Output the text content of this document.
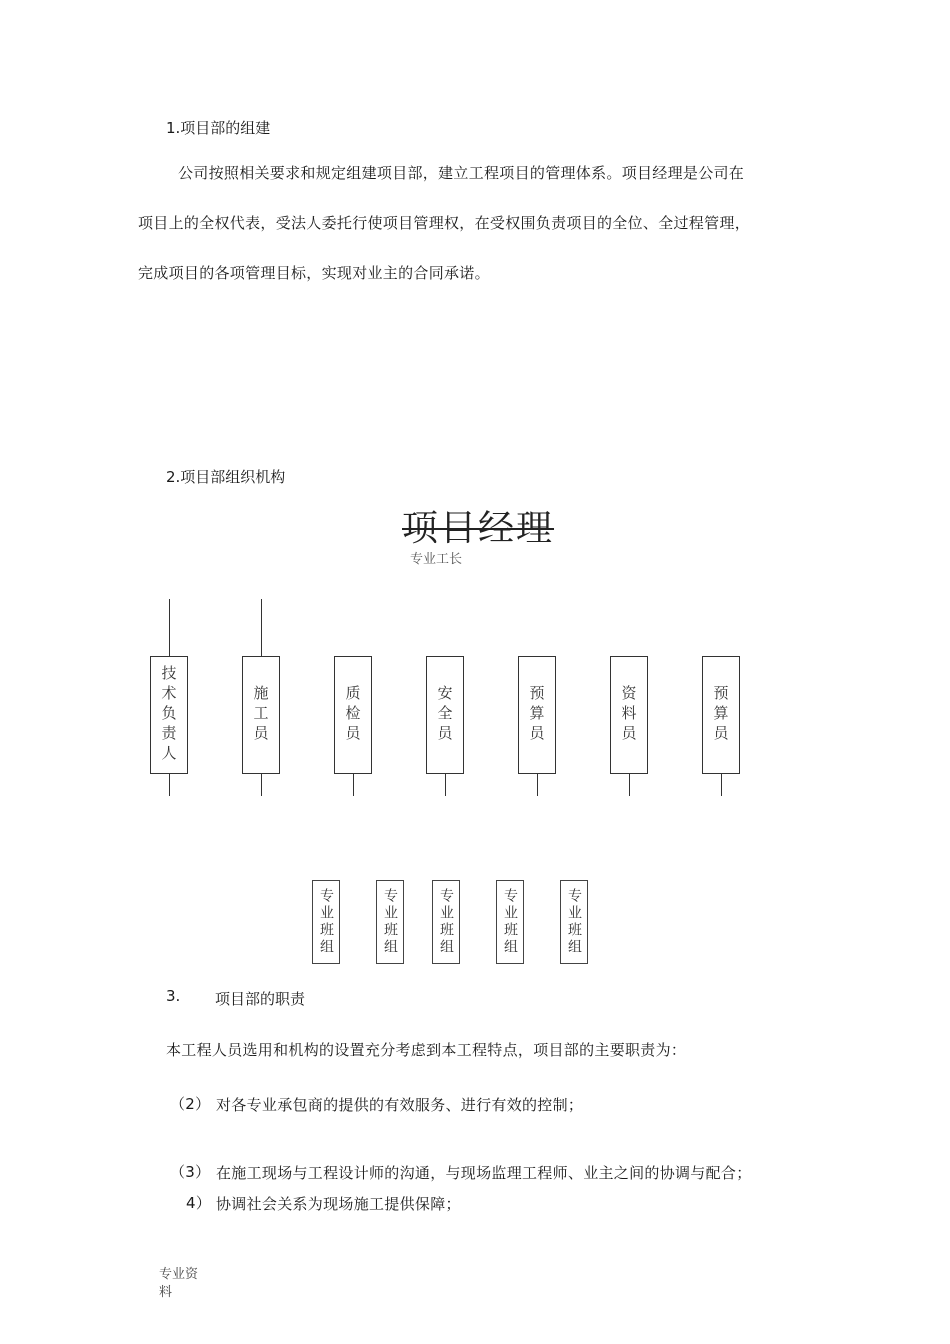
1.项目部的组建
公司按照相关要求和规定组建项目部，建立工程项目的管理体系。项目经理是公司在
项目上的全权代表，受法人委托行使项目管理权，在受权围负责项目的全位、全过程管理，
完成项目的各项管理目标，实现对业主的合同承诺。
2.项目部组织机构
项目经理
专业工长
技术负责人	施工员	质检员	安全员	预算员	资料员	预算员
专业班组	专业班组	专业班组	专业班组	专业班组
3. 项目部的职责
本工程人员选用和机构的设置充分考虑到本工程特点，项目部的主要职责为：
（2） 对各专业承包商的提供的有效服务、进行有效的控制；
（3） 在施工现场与工程设计师的沟通，与现场监理工程师、业主之间的协调与配合；
4） 协调社会关系为现场施工提供保障；
专业资料
